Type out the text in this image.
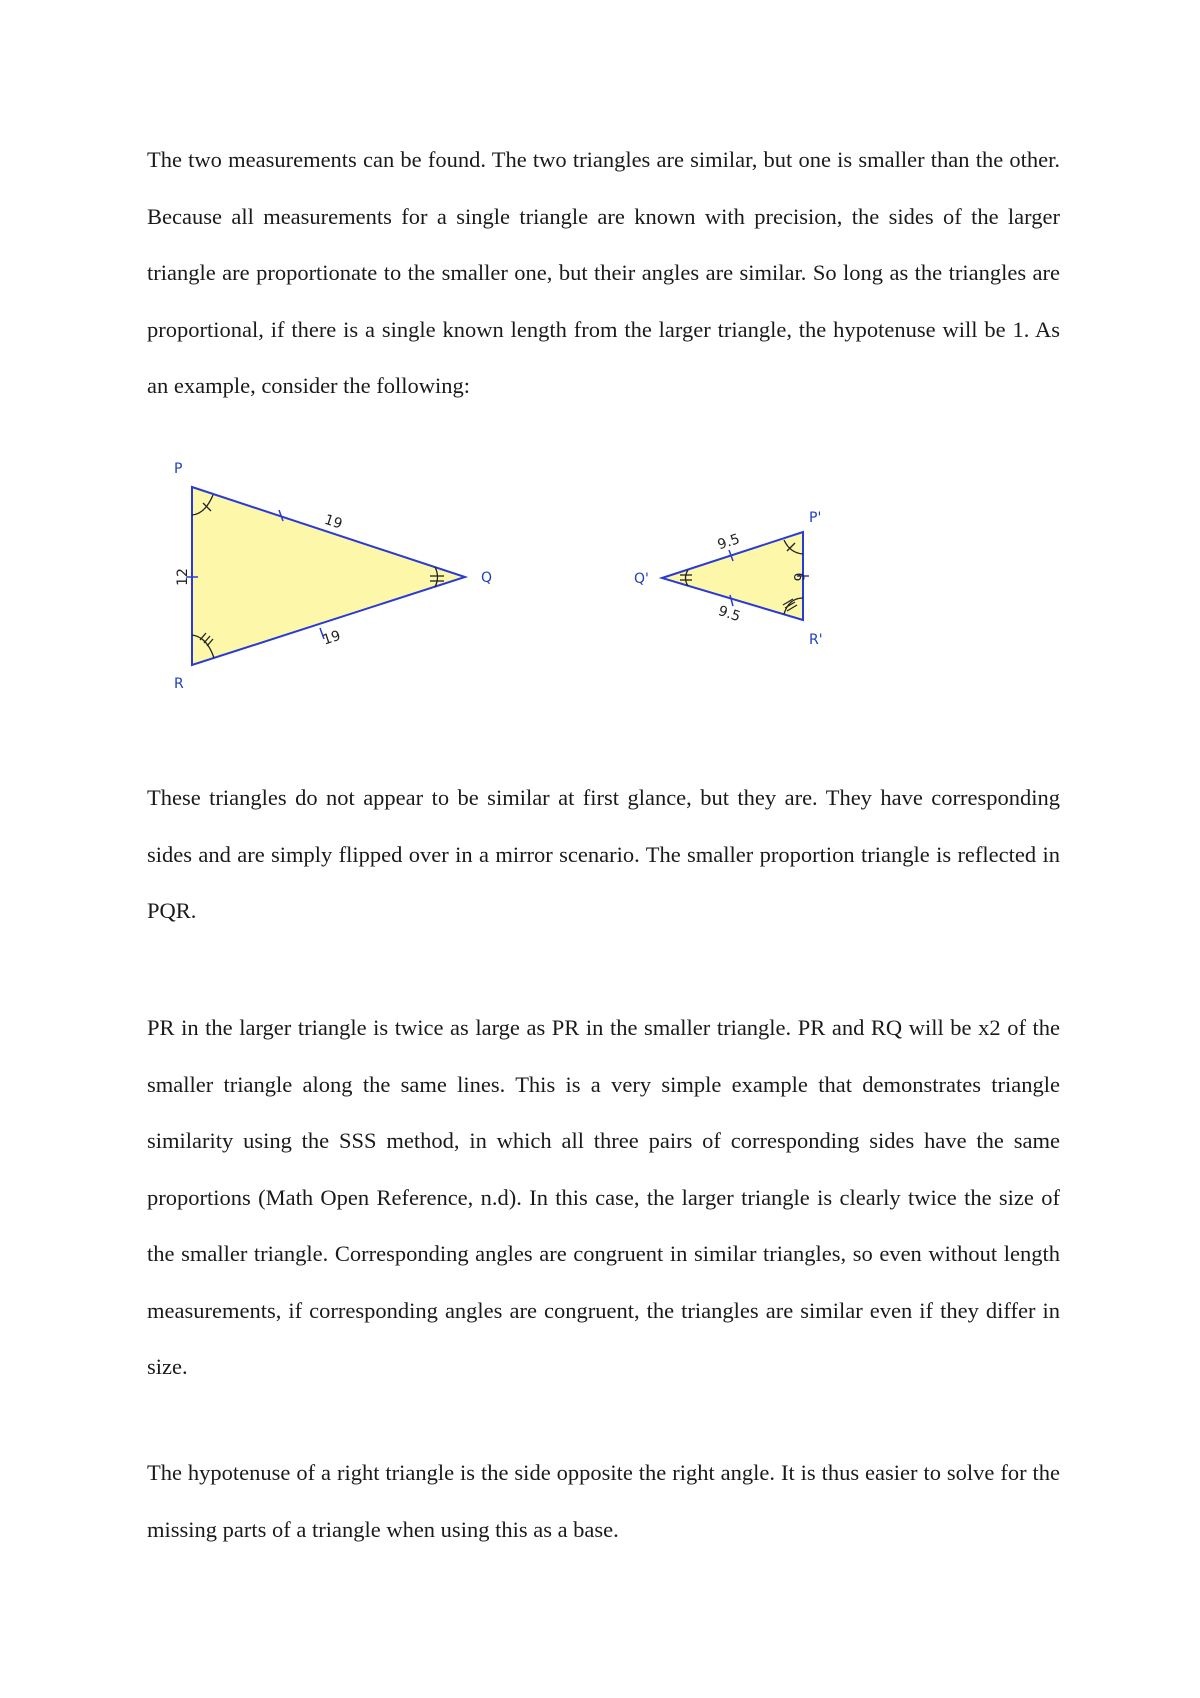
The two measurements can be found. The two triangles are similar, but one is smaller than the other. Because all measurements for a single triangle are known with precision, the sides of the larger triangle are proportionate to the smaller one, but their angles are similar. So long as the triangles are proportional, if there is a single known length from the larger triangle, the hypotenuse will be 1. As an example, consider the following:

P
Q
R
12
19
19
P'
Q'
R'
6
9.5
9.5

These triangles do not appear to be similar at first glance, but they are. They have corresponding sides and are simply flipped over in a mirror scenario. The smaller proportion triangle is reflected in PQR.

PR in the larger triangle is twice as large as PR in the smaller triangle. PR and RQ will be x2 of the smaller triangle along the same lines. This is a very simple example that demonstrates triangle similarity using the SSS method, in which all three pairs of corresponding sides have the same proportions (Math Open Reference, n.d). In this case, the larger triangle is clearly twice the size of the smaller triangle. Corresponding angles are congruent in similar triangles, so even without length measurements, if corresponding angles are congruent, the triangles are similar even if they differ in size.

The hypotenuse of a right triangle is the side opposite the right angle. It is thus easier to solve for the missing parts of a triangle when using this as a base.
